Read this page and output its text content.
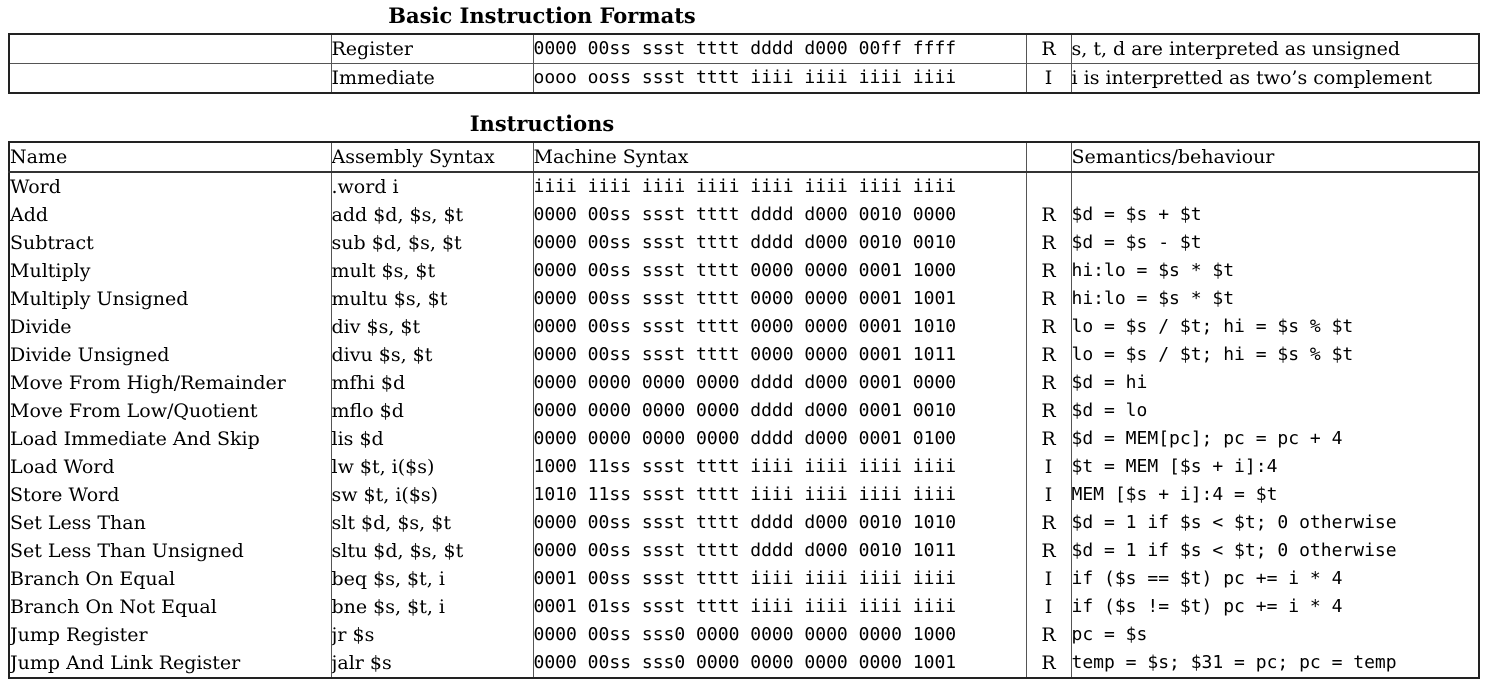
Basic Instruction Formats
	Register	0000 00ss ssst tttt dddd d000 00ff ffff	R	s, t, d are interpreted as unsigned
	Immediate	oooo ooss ssst tttt iiii iiii iiii iiii	I	i is interpretted as two’s complement
Instructions
Name	Assembly Syntax	Machine Syntax		Semantics/behaviour
Word	.word i	iiii iiii iiii iiii iiii iiii iiii iiii		
Add	add $d, $s, $t	0000 00ss ssst tttt dddd d000 0010 0000	R	$d = $s + $t
Subtract	sub $d, $s, $t	0000 00ss ssst tttt dddd d000 0010 0010	R	$d = $s - $t
Multiply	mult $s, $t	0000 00ss ssst tttt 0000 0000 0001 1000	R	hi:lo = $s * $t
Multiply Unsigned	multu $s, $t	0000 00ss ssst tttt 0000 0000 0001 1001	R	hi:lo = $s * $t
Divide	div $s, $t	0000 00ss ssst tttt 0000 0000 0001 1010	R	lo = $s / $t; hi = $s % $t
Divide Unsigned	divu $s, $t	0000 00ss ssst tttt 0000 0000 0001 1011	R	lo = $s / $t; hi = $s % $t
Move From High/Remainder	mfhi $d	0000 0000 0000 0000 dddd d000 0001 0000	R	$d = hi
Move From Low/Quotient	mflo $d	0000 0000 0000 0000 dddd d000 0001 0010	R	$d = lo
Load Immediate And Skip	lis $d	0000 0000 0000 0000 dddd d000 0001 0100	R	$d = MEM[pc]; pc = pc + 4
Load Word	lw $t, i($s)	1000 11ss ssst tttt iiii iiii iiii iiii	I	$t = MEM [$s + i]:4
Store Word	sw $t, i($s)	1010 11ss ssst tttt iiii iiii iiii iiii	I	MEM [$s + i]:4 = $t
Set Less Than	slt $d, $s, $t	0000 00ss ssst tttt dddd d000 0010 1010	R	$d = 1 if $s < $t; 0 otherwise
Set Less Than Unsigned	sltu $d, $s, $t	0000 00ss ssst tttt dddd d000 0010 1011	R	$d = 1 if $s < $t; 0 otherwise
Branch On Equal	beq $s, $t, i	0001 00ss ssst tttt iiii iiii iiii iiii	I	if ($s == $t) pc += i * 4
Branch On Not Equal	bne $s, $t, i	0001 01ss ssst tttt iiii iiii iiii iiii	I	if ($s != $t) pc += i * 4
Jump Register	jr $s	0000 00ss sss0 0000 0000 0000 0000 1000	R	pc = $s
Jump And Link Register	jalr $s	0000 00ss sss0 0000 0000 0000 0000 1001	R	temp = $s; $31 = pc; pc = temp
